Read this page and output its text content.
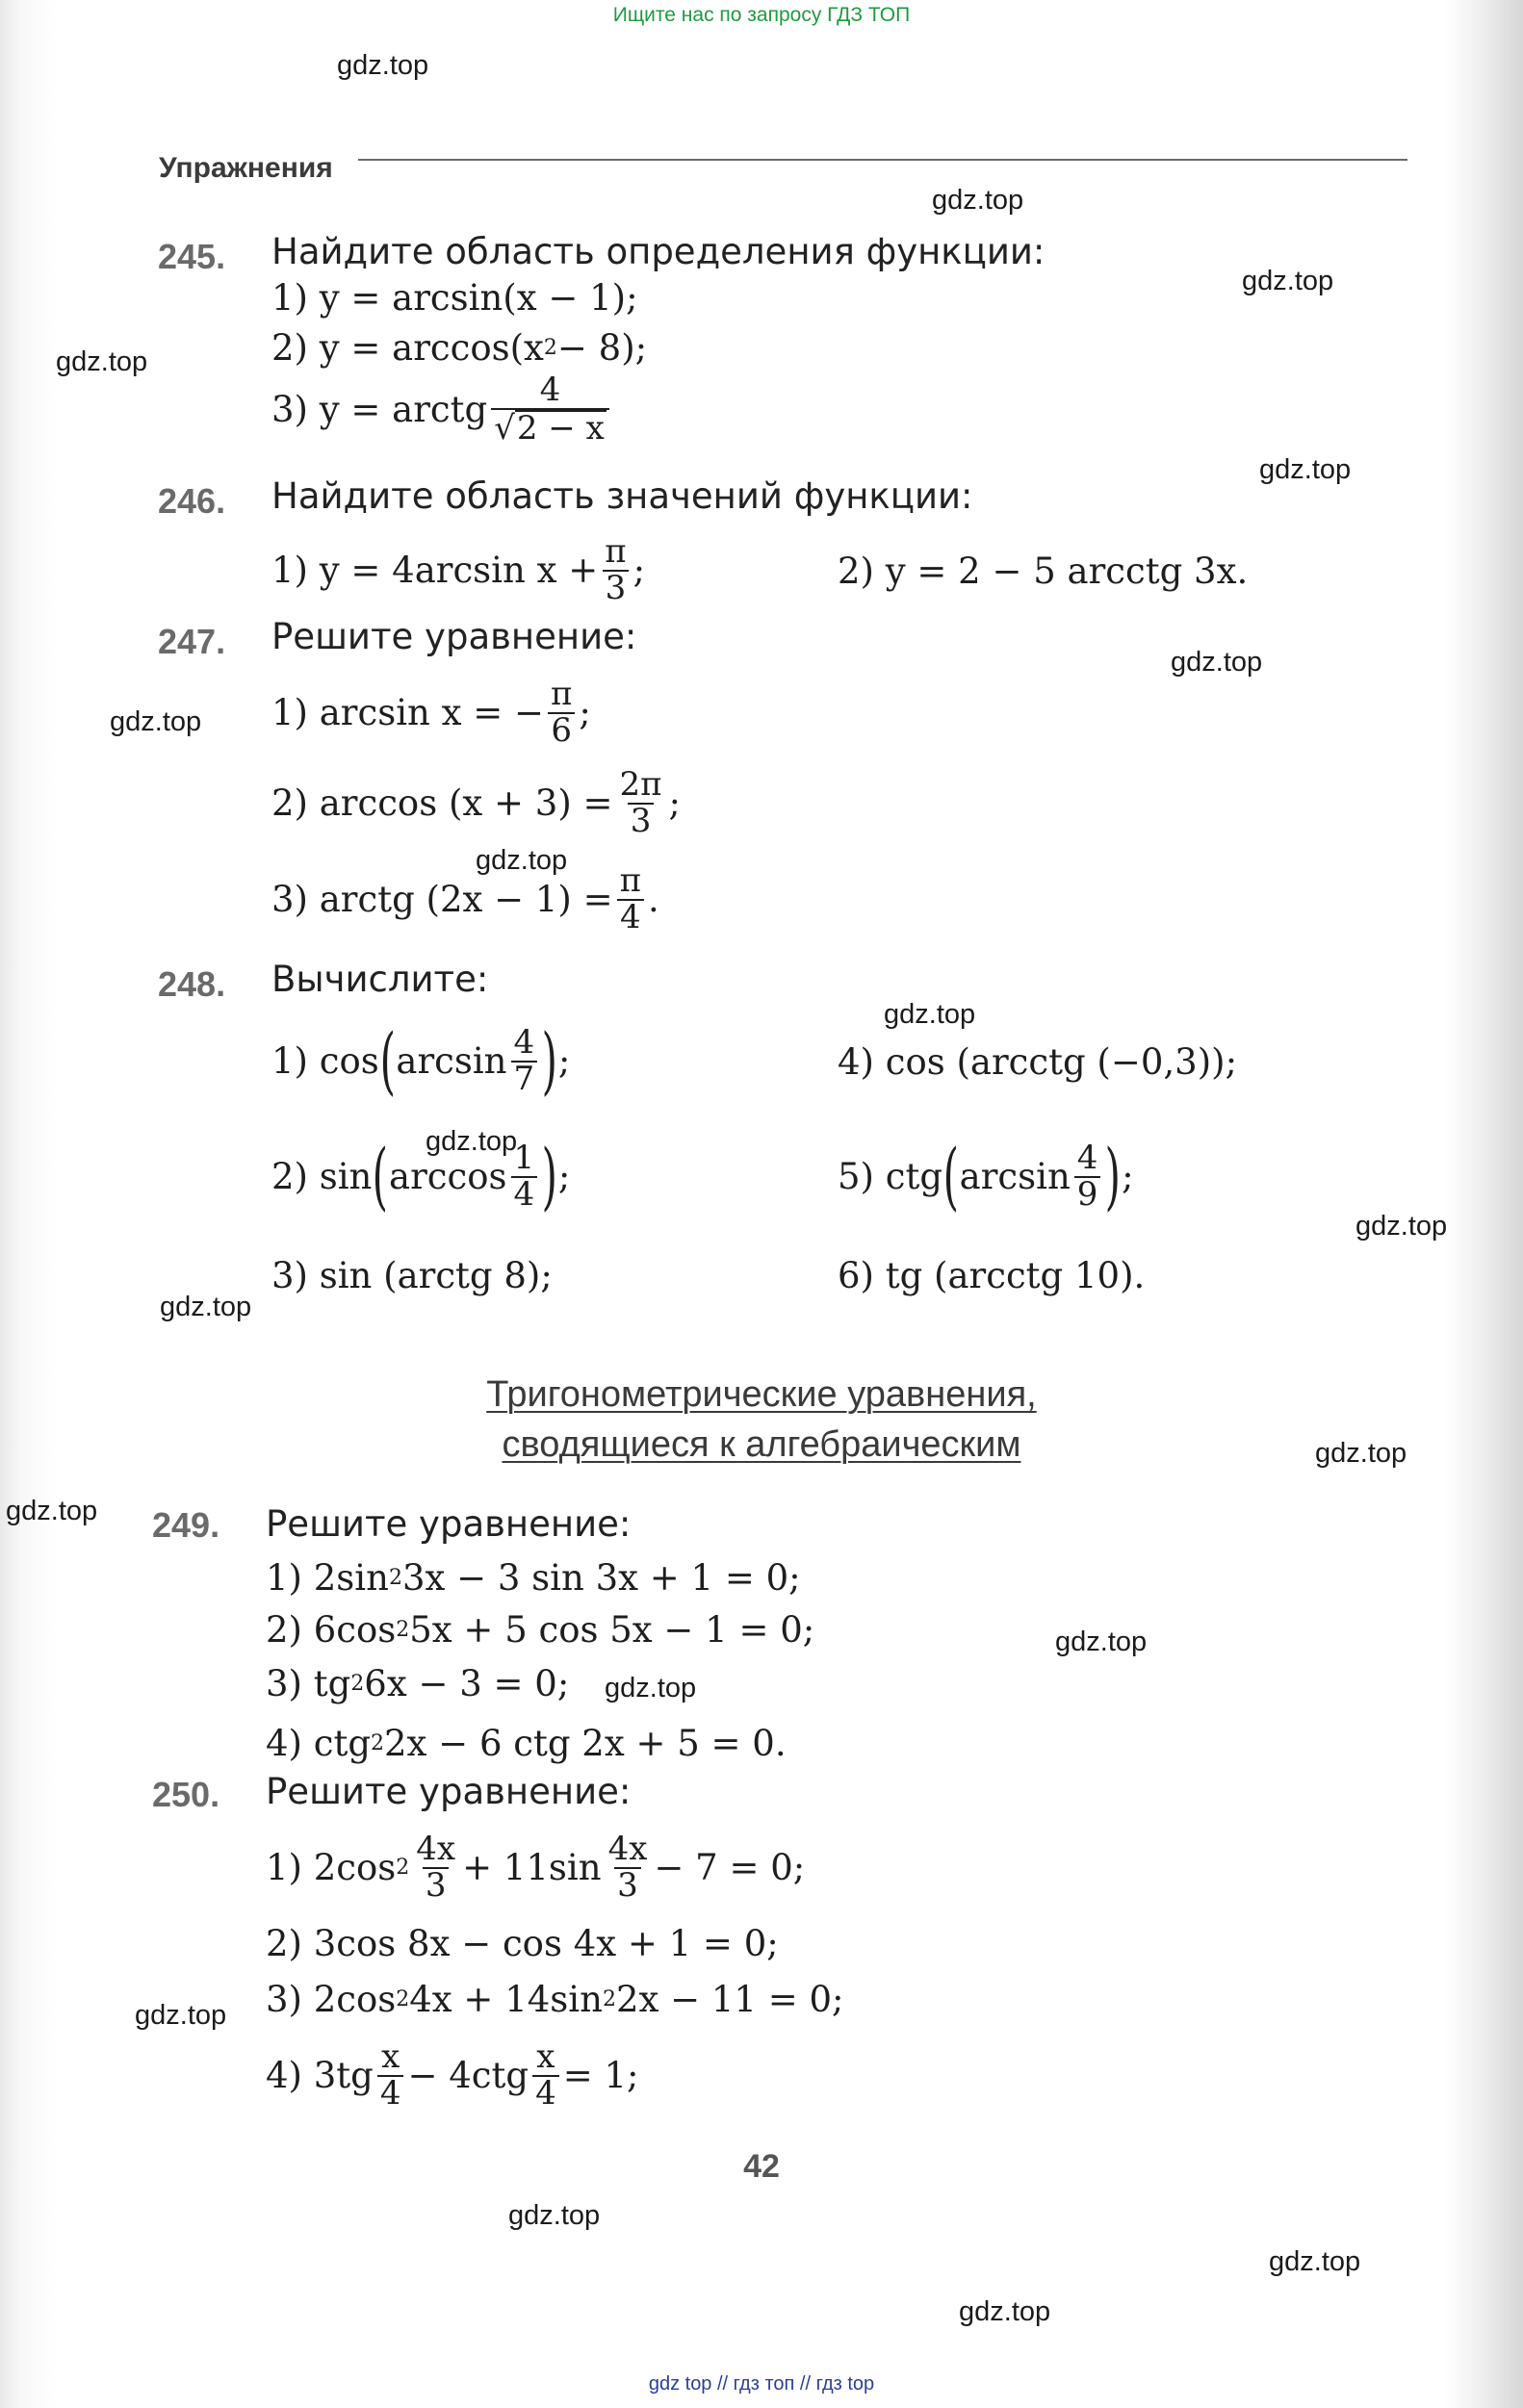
Ищите нас по запросу ГДЗ ТОП
gdz.top
gdz.top
gdz.top
gdz.top
gdz.top
gdz.top
gdz.top
gdz.top
gdz.top
gdz.top
gdz.top
gdz.top
gdz.top
gdz.top
gdz.top
gdz.top
gdz.top
gdz.top
gdz.top
gdz.top
Упражнения
245. Найдите область определения функции:
1) y = arcsin(x − 1);
2) y = arccos(x 2 − 8);
3) y = arctg $\frac{4}{√ 2 - x}$
246. Найдите область значений функции:
1) y = 4arcsin $x + \frac{\pi}{3}$ ;	2) y = 2 − 5 arcctg 3x.
247. Решите уравнение:
1) arcsin x = − $\frac{\pi}{6}$ ;
2) $\arccos (x + 3) = \frac{2\pi}{3}$ ;
3) arctg $(2x - 1) = \frac{\pi}{4}$ .
248. Вычислите:
1) cos ( $\arcsin \frac{4}{7}$ ) ;	4) cos (arcctg (−0,3));
2) sin ( $\arccos \frac{1}{4}$ ) ;	5) ctg ( $\arcsin \frac{4}{9}$ ) ;
3) sin (arctg 8);	6) tg (arcctg 10).
Тригонометрические уравнения,
сводящиеся к алгебраическим
249. Решите уравнение:
1) 2sin 2 3x − 3 sin 3x + 1 = 0;
2) 6cos 2 5x + 5 cos 5x − 1 = 0;
3) tg 2 6x − 3 = 0;
4) ctg 2 2x − 6 ctg 2x + 5 = 0.
250. Решите уравнение:
1) 2cos $2 \frac{4x}{3} + 11\sin \frac{4x}{3} - 7 = 0$;
2) 3cos 8x − cos 4x + 1 = 0;
3) 2cos 2 4x + 14sin 2 2x − 11 = 0;
4) $3tg \frac{x}{4} - 4ctg \frac{x}{4} = 1$;
42
gdz top // гдз топ // гдз top
